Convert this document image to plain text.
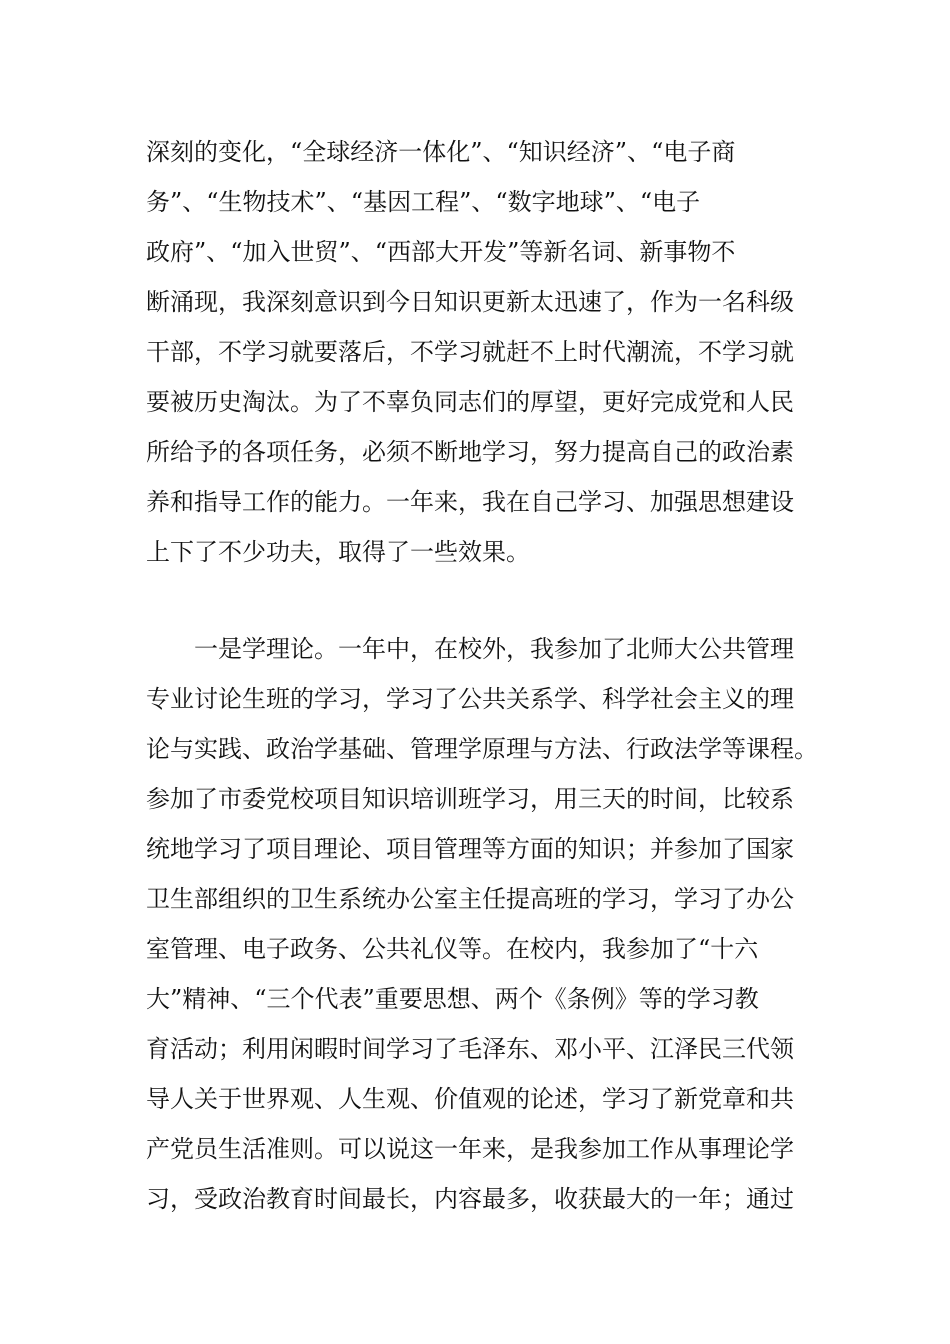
深刻的变化，“全球经济一体化”、“知识经济”、“电子商

务”、“生物技术”、“基因工程”、“数字地球”、“电子

政府”、“加入世贸”、“西部大开发”等新名词、新事物不

断涌现，我深刻意识到今日知识更新太迅速了，作为一名科级

干部，不学习就要落后，不学习就赶不上时代潮流，不学习就

要被历史淘汰。为了不辜负同志们的厚望，更好完成党和人民

所给予的各项任务，必须不断地学习，努力提高自己的政治素

养和指导工作的能力。一年来，我在自己学习、加强思想建设

上下了不少功夫，取得了一些效果。

一是学理论。一年中，在校外，我参加了北师大公共管理

专业讨论生班的学习，学习了公共关系学、科学社会主义的理

论与实践、政治学基础、管理学原理与方法、行政法学等课程。

参加了市委党校项目知识培训班学习，用三天的时间，比较系

统地学习了项目理论、项目管理等方面的知识；并参加了国家

卫生部组织的卫生系统办公室主任提高班的学习，学习了办公

室管理、电子政务、公共礼仪等。在校内，我参加了“十六

大”精神、“三个代表”重要思想、两个《条例》等的学习教

育活动；利用闲暇时间学习了毛泽东、邓小平、江泽民三代领

导人关于世界观、人生观、价值观的论述，学习了新党章和共

产党员生活准则。可以说这一年来，是我参加工作从事理论学

习，受政治教育时间最长，内容最多，收获最大的一年；通过
